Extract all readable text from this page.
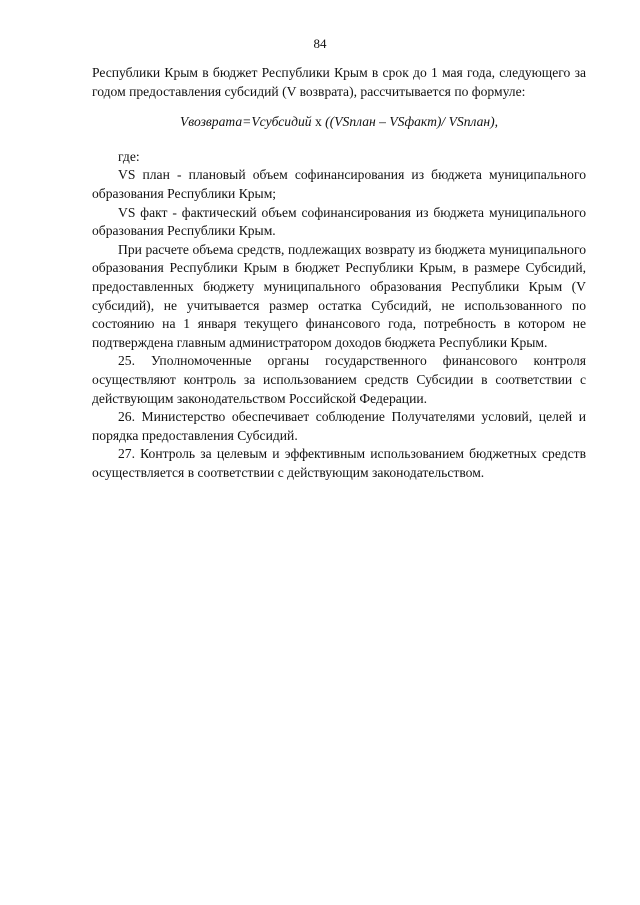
84

Республики Крым в бюджет Республики Крым в срок до 1 мая года, следующего за годом предоставления субсидий (V возврата), рассчитывается по формуле:

Vвозврата=Vсубсидий x ((VSплан – VSфакт)/ VSплан),

где:

VS план - плановый объем софинансирования из бюджета муниципального образования Республики Крым;

VS факт - фактический объем софинансирования из бюджета муниципального образования Республики Крым.

При расчете объема средств, подлежащих возврату из бюджета муниципального образования Республики Крым в бюджет Республики Крым, в размере Субсидий, предоставленных бюджету муниципального образования Республики Крым (V субсидий), не учитывается размер остатка Субсидий, не использованного по состоянию на 1 января текущего финансового года, потребность в котором не подтверждена главным администратором доходов бюджета Республики Крым.

25. Уполномоченные органы государственного финансового контроля осуществляют контроль за использованием средств Субсидии в соответствии с действующим законодательством Российской Федерации.

26. Министерство обеспечивает соблюдение Получателями условий, целей и порядка предоставления Субсидий.

27. Контроль за целевым и эффективным использованием бюджетных средств осуществляется в соответствии с действующим законодательством.
